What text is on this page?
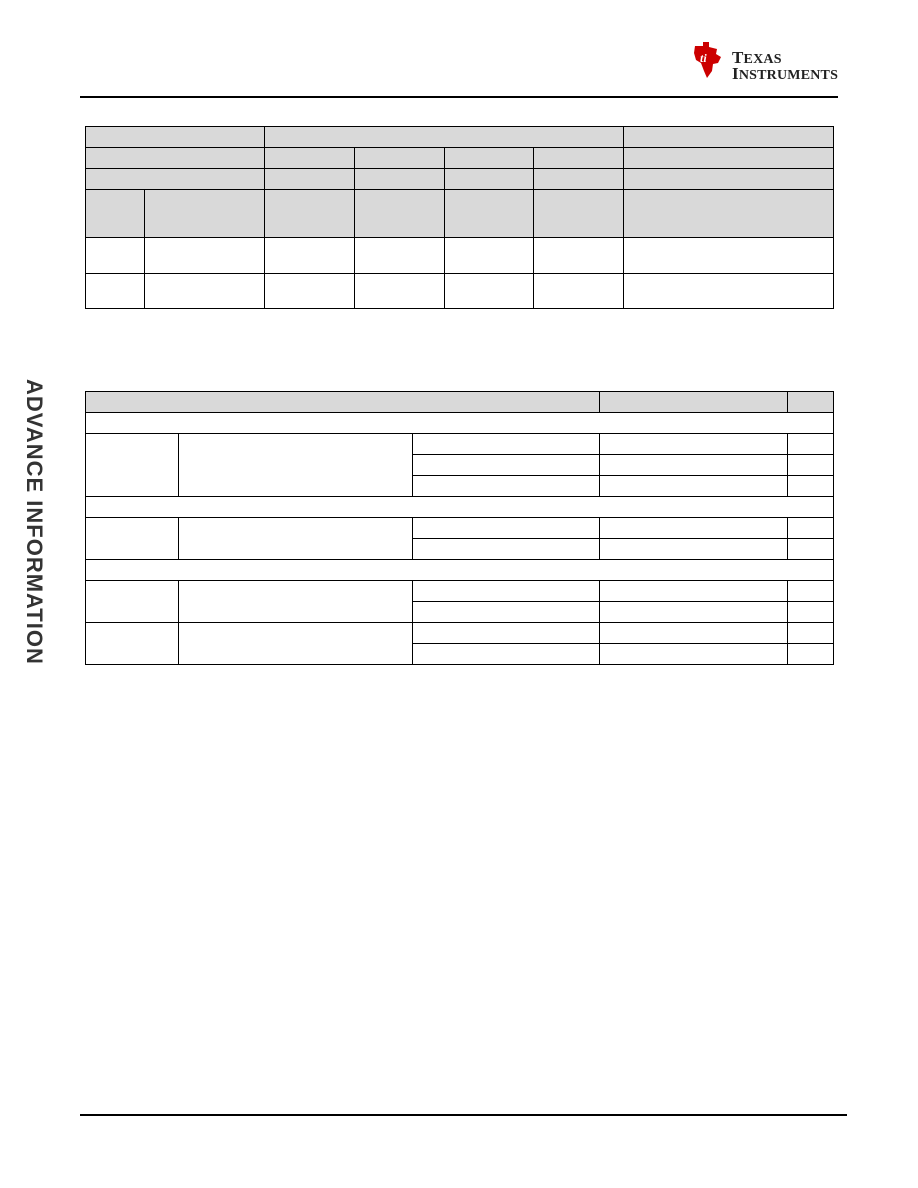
ti TEXAS
INSTRUMENTS
ADVANCE INFORMATION
